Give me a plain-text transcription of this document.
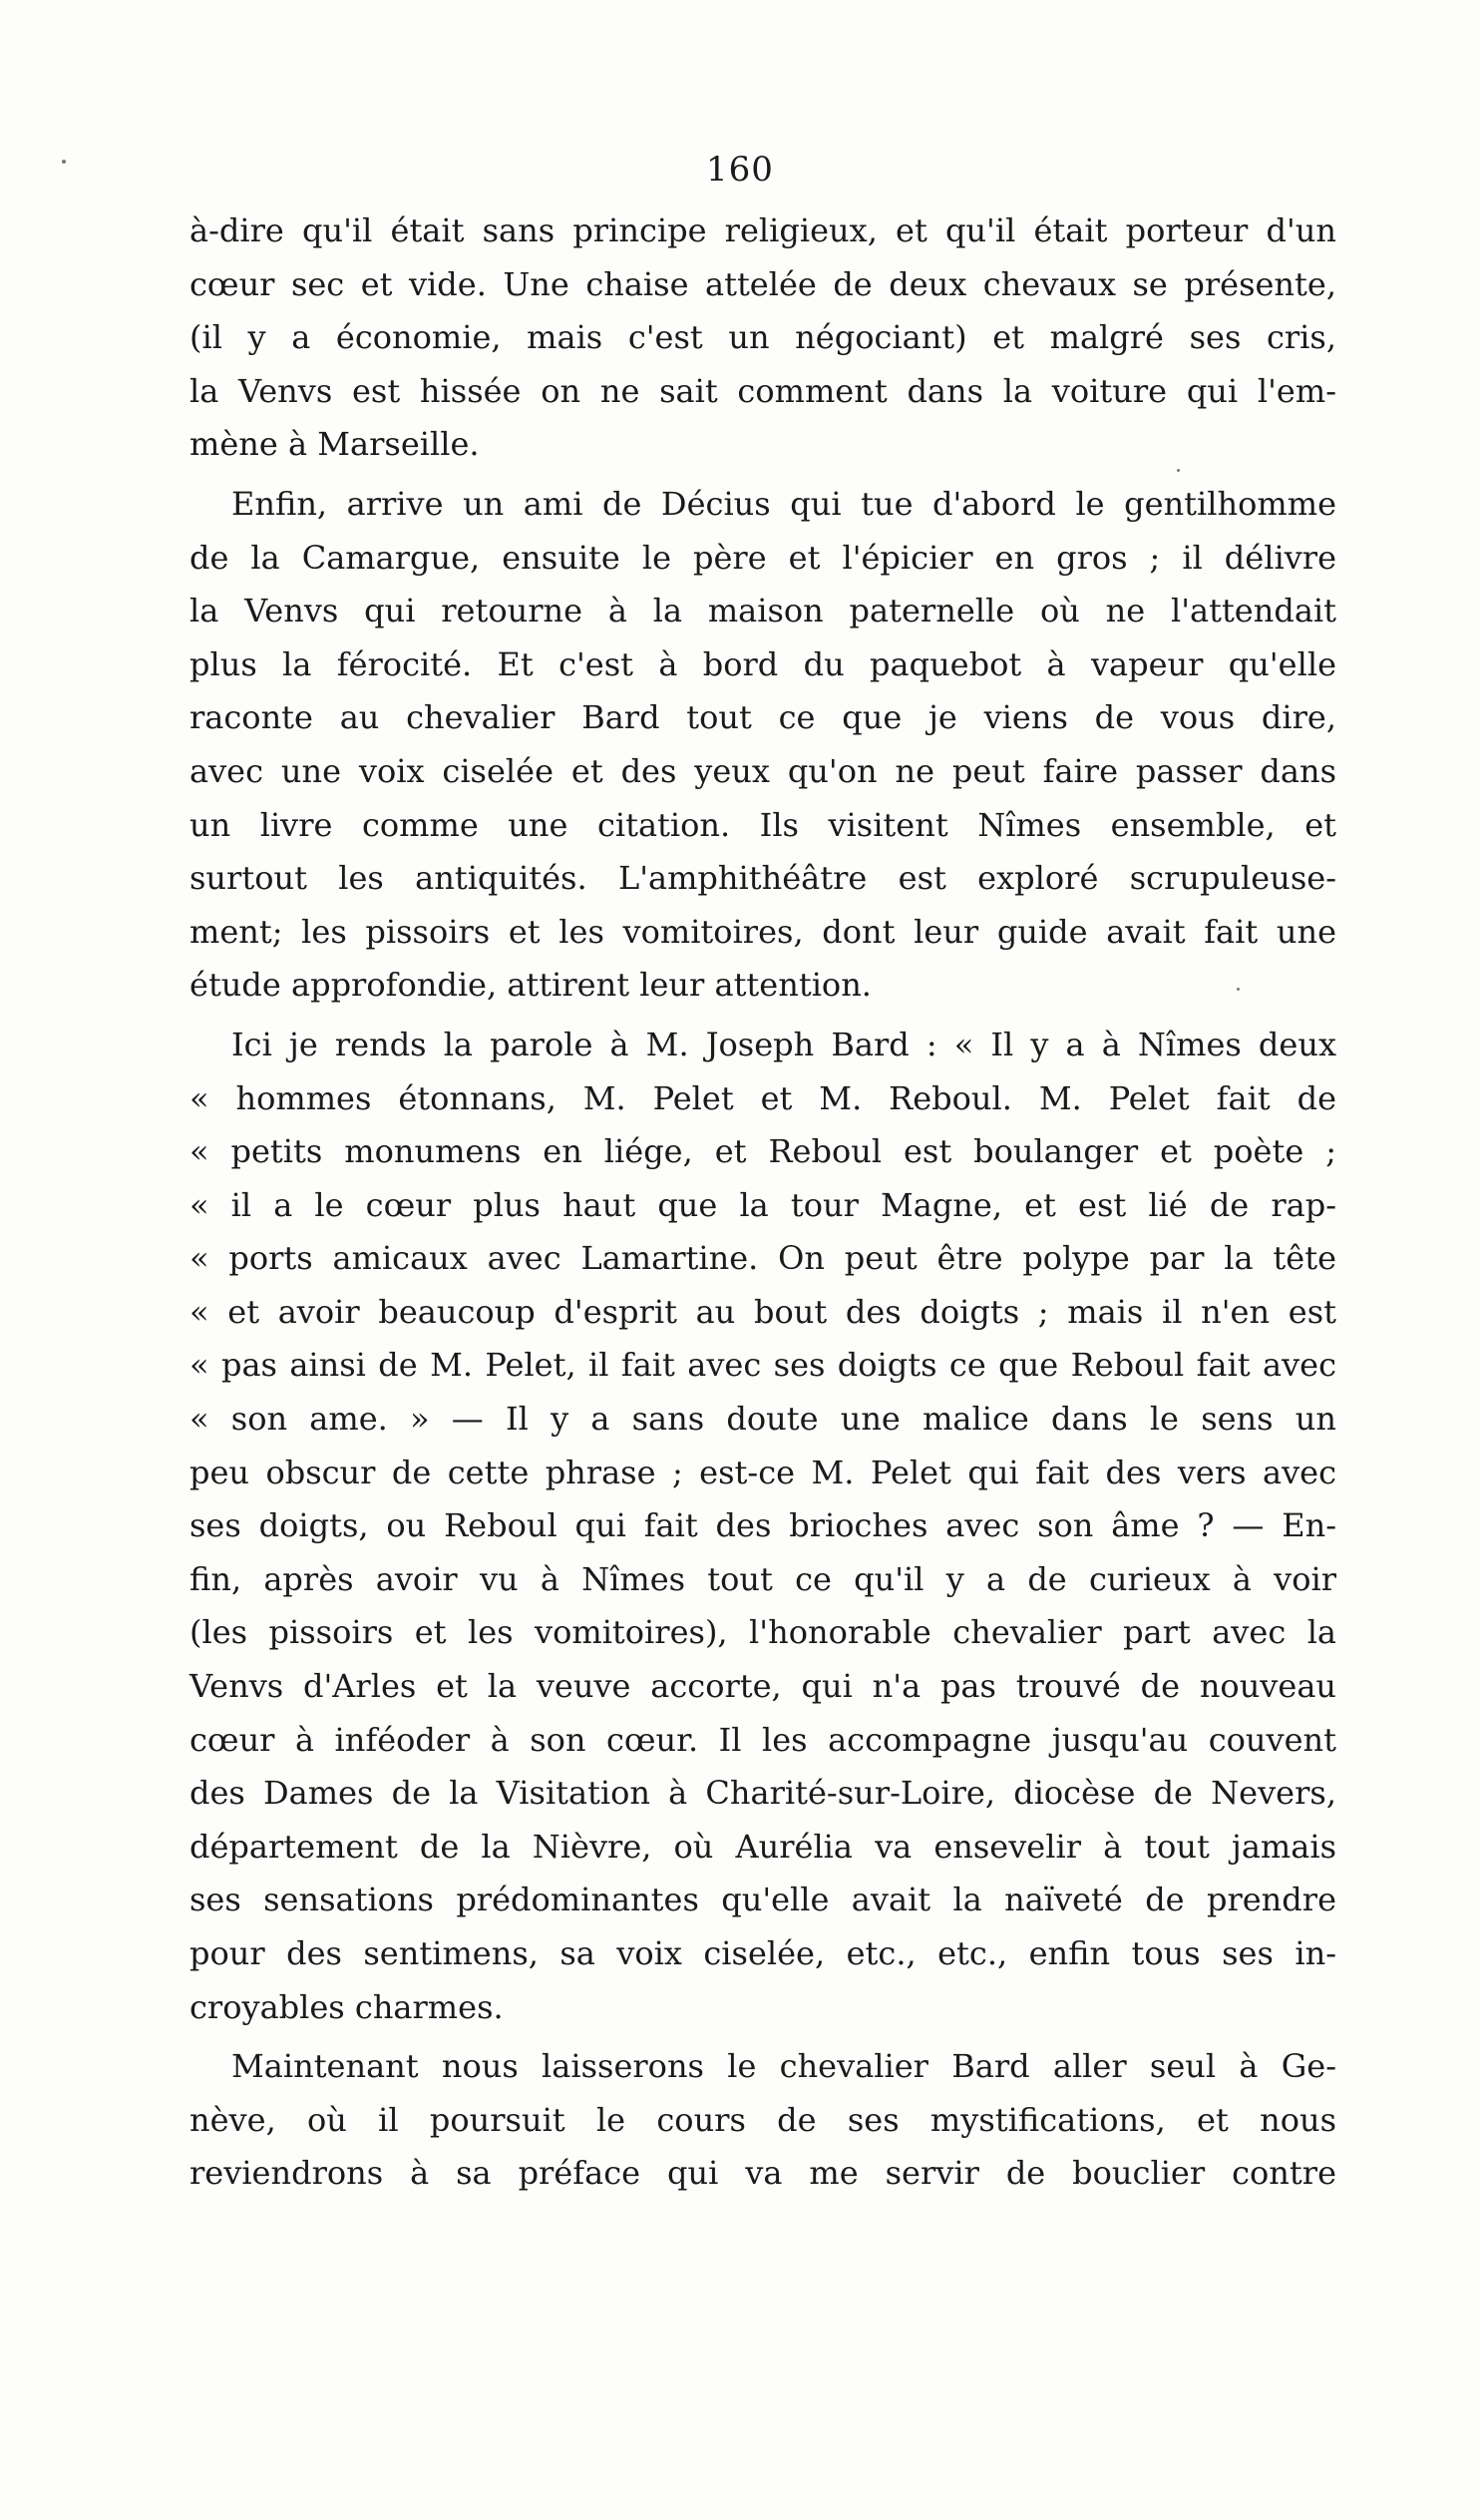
160

à-dire qu'il était sans principe religieux, et qu'il était porteur d'un
cœur sec et vide. Une chaise attelée de deux chevaux se présente,
(il y a économie, mais c'est un négociant) et malgré ses cris,
la Venvs est hissée on ne sait comment dans la voiture qui l'em-
mène à Marseille.

Enfin, arrive un ami de Décius qui tue d'abord le gentilhomme
de la Camargue, ensuite le père et l'épicier en gros ; il délivre
la Venvs qui retourne à la maison paternelle où ne l'attendait
plus la férocité. Et c'est à bord du paquebot à vapeur qu'elle
raconte au chevalier Bard tout ce que je viens de vous dire,
avec une voix ciselée et des yeux qu'on ne peut faire passer dans
un livre comme une citation. Ils visitent Nîmes ensemble, et
surtout les antiquités. L'amphithéâtre est exploré scrupuleuse-
ment; les pissoirs et les vomitoires, dont leur guide avait fait une
étude approfondie, attirent leur attention.

Ici je rends la parole à M. Joseph Bard : « Il y a à Nîmes deux
« hommes étonnans, M. Pelet et M. Reboul. M. Pelet fait de
« petits monumens en liége, et Reboul est boulanger et poète ;
« il a le cœur plus haut que la tour Magne, et est lié de rap-
« ports amicaux avec Lamartine. On peut être polype par la tête
« et avoir beaucoup d'esprit au bout des doigts ; mais il n'en est
« pas ainsi de M. Pelet, il fait avec ses doigts ce que Reboul fait avec
« son ame. » — Il y a sans doute une malice dans le sens un
peu obscur de cette phrase ; est-ce M. Pelet qui fait des vers avec
ses doigts, ou Reboul qui fait des brioches avec son âme ? — En-
fin, après avoir vu à Nîmes tout ce qu'il y a de curieux à voir
(les pissoirs et les vomitoires), l'honorable chevalier part avec la
Venvs d'Arles et la veuve accorte, qui n'a pas trouvé de nouveau
cœur à inféoder à son cœur. Il les accompagne jusqu'au couvent
des Dames de la Visitation à Charité-sur-Loire, diocèse de Nevers,
département de la Nièvre, où Aurélia va ensevelir à tout jamais
ses sensations prédominantes qu'elle avait la naïveté de prendre
pour des sentimens, sa voix ciselée, etc., etc., enfin tous ses in-
croyables charmes.

Maintenant nous laisserons le chevalier Bard aller seul à Ge-
nève, où il poursuit le cours de ses mystifications, et nous
reviendrons à sa préface qui va me servir de bouclier contre
